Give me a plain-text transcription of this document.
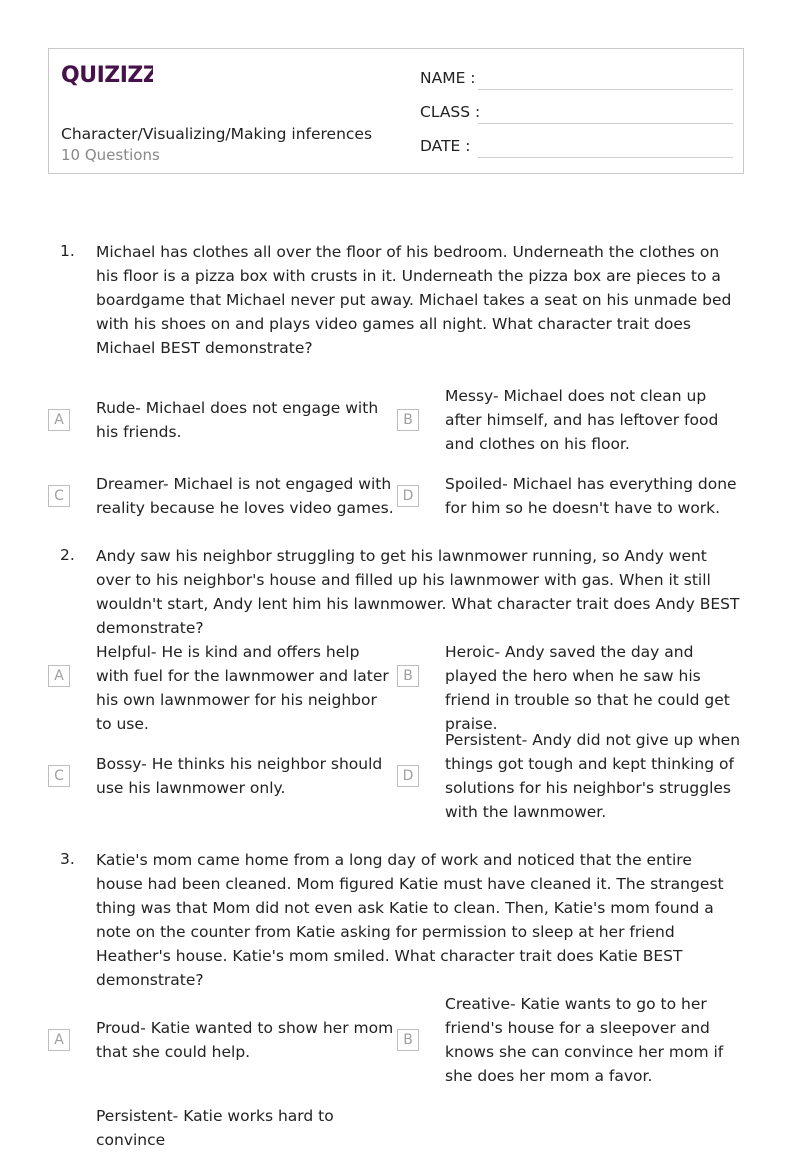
QUIZIZZ
Character/Visualizing/Making inferences
10 Questions
NAME :
CLASS :
DATE :
1. Michael has clothes all over the floor of his bedroom. Underneath the clothes on his floor is a pizza box with crusts in it. Underneath the pizza box are pieces to a boardgame that Michael never put away. Michael takes a seat on his unmade bed with his shoes on and plays video games all night. What character trait does Michael BEST demonstrate?
A
Rude- Michael does not engage with his friends.
B
Messy- Michael does not clean up after himself, and has leftover food and clothes on his floor.
C
Dreamer- Michael is not engaged with reality because he loves video games.
D
Spoiled- Michael has everything done for him so he doesn't have to work.
2. Andy saw his neighbor struggling to get his lawnmower running, so Andy went over to his neighbor's house and filled up his lawnmower with gas. When it still wouldn't start, Andy lent him his lawnmower. What character trait does Andy BEST demonstrate?
A
Helpful- He is kind and offers help with fuel for the lawnmower and later his own lawnmower for his neighbor to use.
B
Heroic- Andy saved the day and played the hero when he saw his friend in trouble so that he could get praise.
C
Bossy- He thinks his neighbor should use his lawnmower only.
D
Persistent- Andy did not give up when things got tough and kept thinking of solutions for his neighbor's struggles with the lawnmower.
3. Katie's mom came home from a long day of work and noticed that the entire house had been cleaned. Mom figured Katie must have cleaned it. The strangest thing was that Mom did not even ask Katie to clean. Then, Katie's mom found a note on the counter from Katie asking for permission to sleep at her friend Heather's house. Katie's mom smiled. What character trait does Katie BEST demonstrate?
A
Proud- Katie wanted to show her mom that she could help.
B
Creative- Katie wants to go to her friend's house for a sleepover and knows she can convince her mom if she does her mom a favor.
Persistent- Katie works hard to convince
